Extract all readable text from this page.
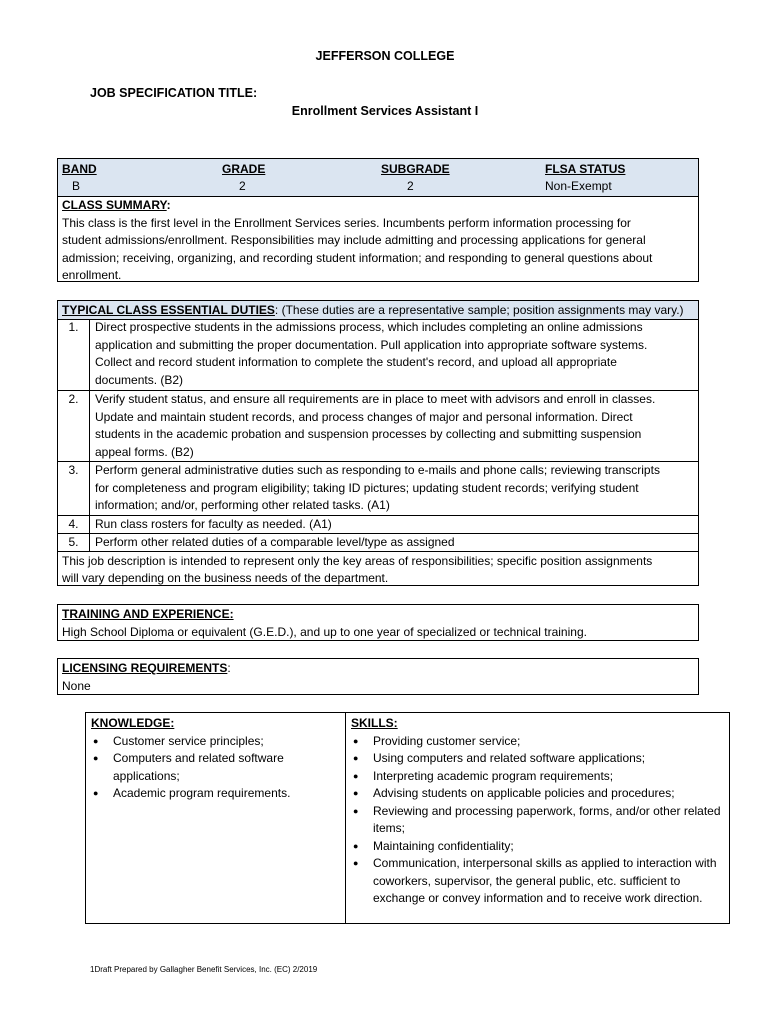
JEFFERSON COLLEGE
JOB SPECIFICATION TITLE:
Enrollment Services Assistant I
BAND	GRADE	SUBGRADE	FLSA STATUS
B	2	2	Non-Exempt
CLASS SUMMARY:
This class is the first level in the Enrollment Services series. Incumbents perform information processing for
student admissions/enrollment. Responsibilities may include admitting and processing applications for general
admission; receiving, organizing, and recording student information; and responding to general questions about
enrollment.
TYPICAL CLASS ESSENTIAL DUTIES: (These duties are a representative sample; position assignments may vary.)
1.	Direct prospective students in the admissions process, which includes completing an online admissions
application and submitting the proper documentation. Pull application into appropriate software systems.
Collect and record student information to complete the student's record, and upload all appropriate
documents. (B2)
2.	Verify student status, and ensure all requirements are in place to meet with advisors and enroll in classes.
Update and maintain student records, and process changes of major and personal information. Direct
students in the academic probation and suspension processes by collecting and submitting suspension
appeal forms. (B2)
3.	Perform general administrative duties such as responding to e-mails and phone calls; reviewing transcripts
for completeness and program eligibility; taking ID pictures; updating student records; verifying student
information; and/or, performing other related tasks. (A1)
4.	Run class rosters for faculty as needed. (A1)
5.	Perform other related duties of a comparable level/type as assigned
This job description is intended to represent only the key areas of responsibilities; specific position assignments
will vary depending on the business needs of the department.
TRAINING AND EXPERIENCE:
High School Diploma or equivalent (G.E.D.), and up to one year of specialized or technical training.
LICENSING REQUIREMENTS:
None
KNOWLEDGE:
● Customer service principles;
● Computers and related software applications;
● Academic program requirements.
SKILLS:
● Providing customer service;
● Using computers and related software applications;
● Interpreting academic program requirements;
● Advising students on applicable policies and procedures;
● Reviewing and processing paperwork, forms, and/or other related items;
● Maintaining confidentiality;
● Communication, interpersonal skills as applied to interaction with coworkers, supervisor, the general public, etc. sufficient to exchange or convey information and to receive work direction.
1Draft Prepared by Gallagher Benefit Services, Inc. (EC) 2/2019
